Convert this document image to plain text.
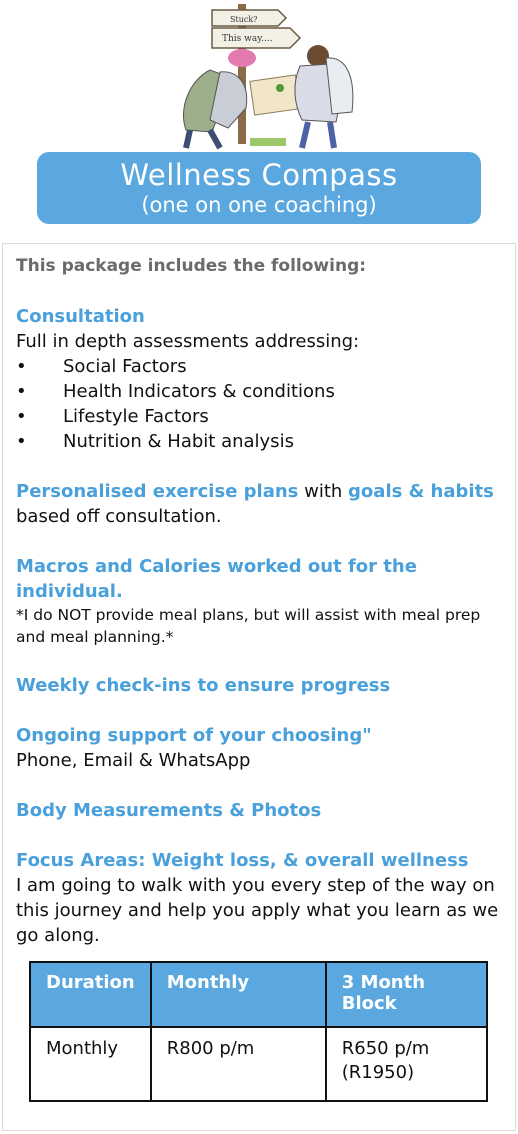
Stuck?
This way....
Wellness Compass
(one on one coaching)

This package includes the following:

Consultation

Full in depth assessments addressing:

•	Social Factors
•	Health Indicators & conditions
•	Lifestyle Factors
•	Nutrition & Habit analysis

Personalised exercise plans with goals & habits

based off consultation.

Macros and Calories worked out for the individual.

*I do NOT provide meal plans, but will assist with meal prep and meal planning.*

Weekly check-ins to ensure progress

Ongoing support of your choosing"

Phone, Email & WhatsApp

Body Measurements & Photos

Focus Areas: Weight loss, & overall wellness

I am going to walk with you every step of the way on this journey and help you apply what you learn as we go along.

Duration	Monthly	3 Month Block
Monthly	R800 p/m	R650 p/m
(R1950)
